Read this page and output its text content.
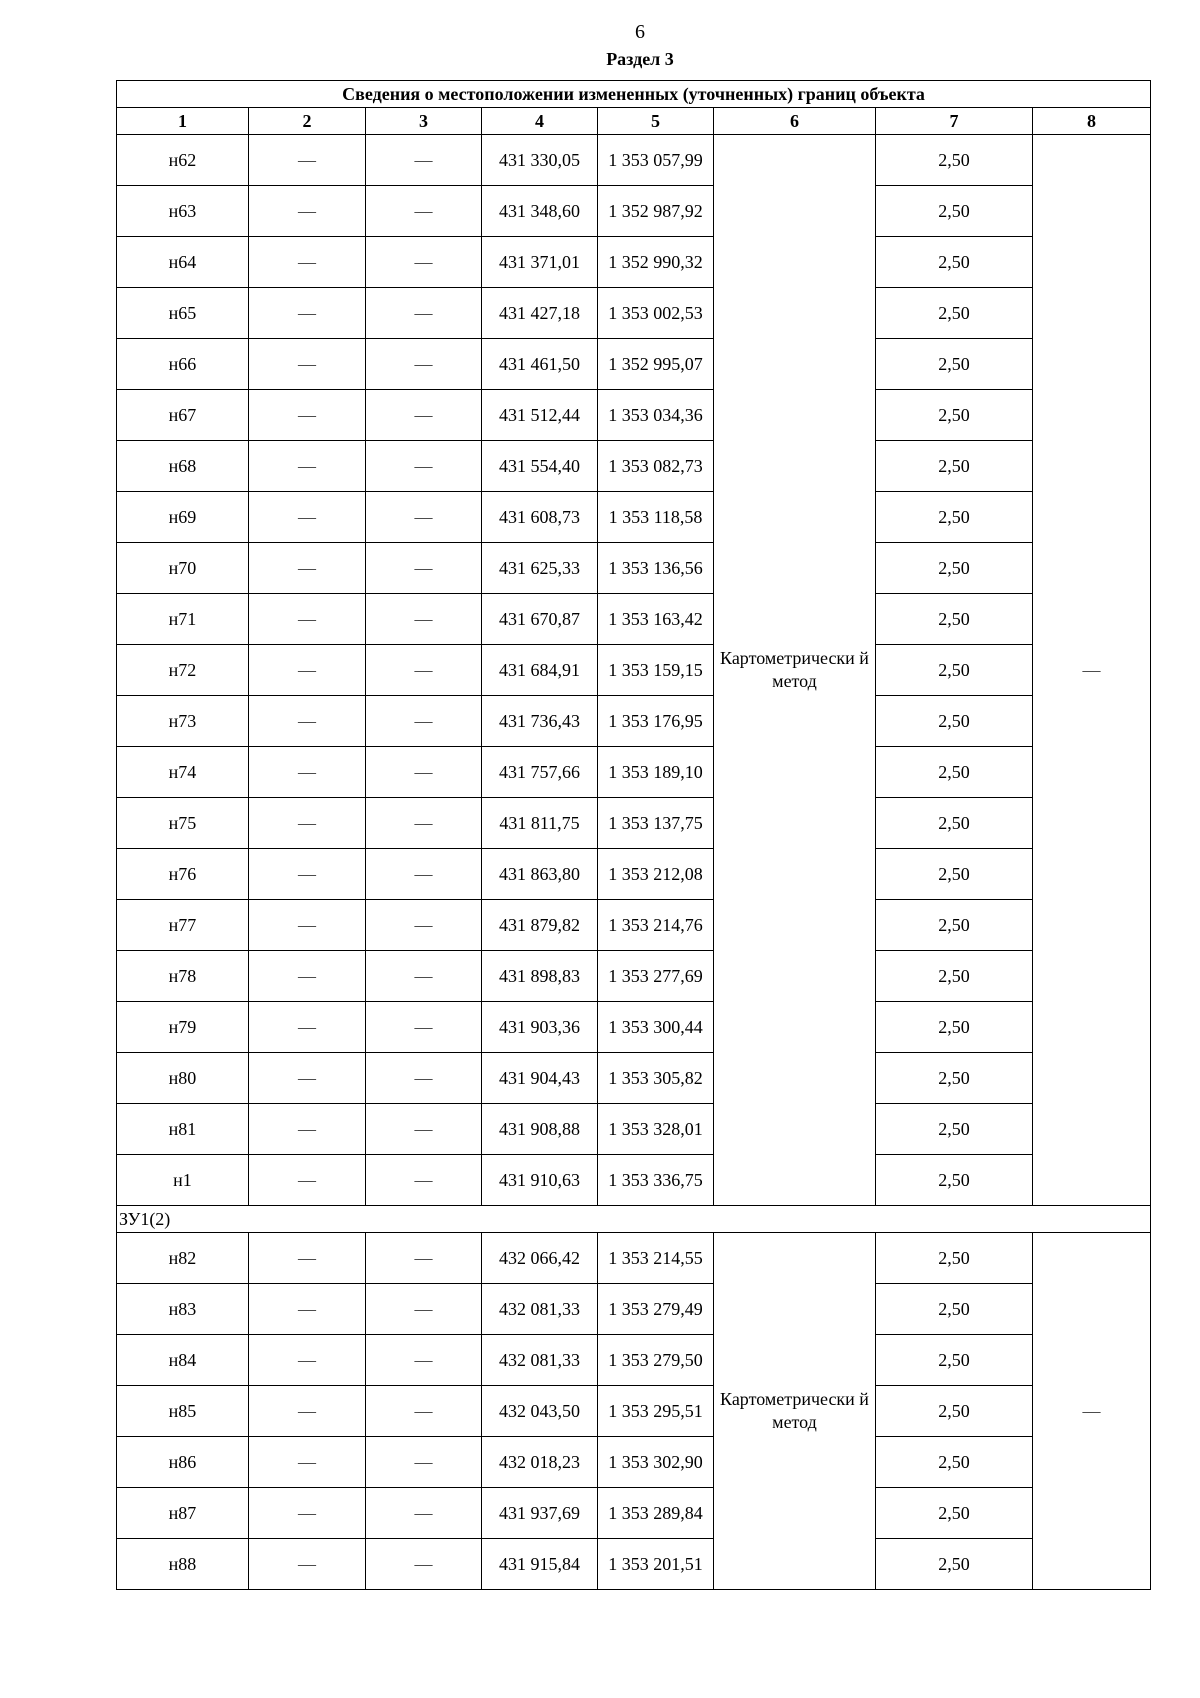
6
Раздел 3
Сведения о местоположении измененных (уточненных) границ объекта							
1	2	3	4	5	6	7	8
н62	—	—	431 330,05	1 353 057,99	Картометрически й метод	2,50	—
н63	—	—	431 348,60	1 352 987,92		2,50	
н64	—	—	431 371,01	1 352 990,32		2,50	
н65	—	—	431 427,18	1 353 002,53		2,50	
н66	—	—	431 461,50	1 352 995,07		2,50	
н67	—	—	431 512,44	1 353 034,36		2,50	
н68	—	—	431 554,40	1 353 082,73		2,50	
н69	—	—	431 608,73	1 353 118,58		2,50	
н70	—	—	431 625,33	1 353 136,56		2,50	
н71	—	—	431 670,87	1 353 163,42		2,50	
н72	—	—	431 684,91	1 353 159,15		2,50	
н73	—	—	431 736,43	1 353 176,95		2,50	
н74	—	—	431 757,66	1 353 189,10		2,50	
н75	—	—	431 811,75	1 353 137,75		2,50	
н76	—	—	431 863,80	1 353 212,08		2,50	
н77	—	—	431 879,82	1 353 214,76		2,50	
н78	—	—	431 898,83	1 353 277,69		2,50	
н79	—	—	431 903,36	1 353 300,44		2,50	
н80	—	—	431 904,43	1 353 305,82		2,50	
н81	—	—	431 908,88	1 353 328,01		2,50	
н1	—	—	431 910,63	1 353 336,75		2,50	
ЗУ1(2)							
н82	—	—	432 066,42	1 353 214,55	Картометрически й метод	2,50	—
н83	—	—	432 081,33	1 353 279,49		2,50	
н84	—	—	432 081,33	1 353 279,50		2,50	
н85	—	—	432 043,50	1 353 295,51		2,50	
н86	—	—	432 018,23	1 353 302,90		2,50	
н87	—	—	431 937,69	1 353 289,84		2,50	
н88	—	—	431 915,84	1 353 201,51		2,50	
